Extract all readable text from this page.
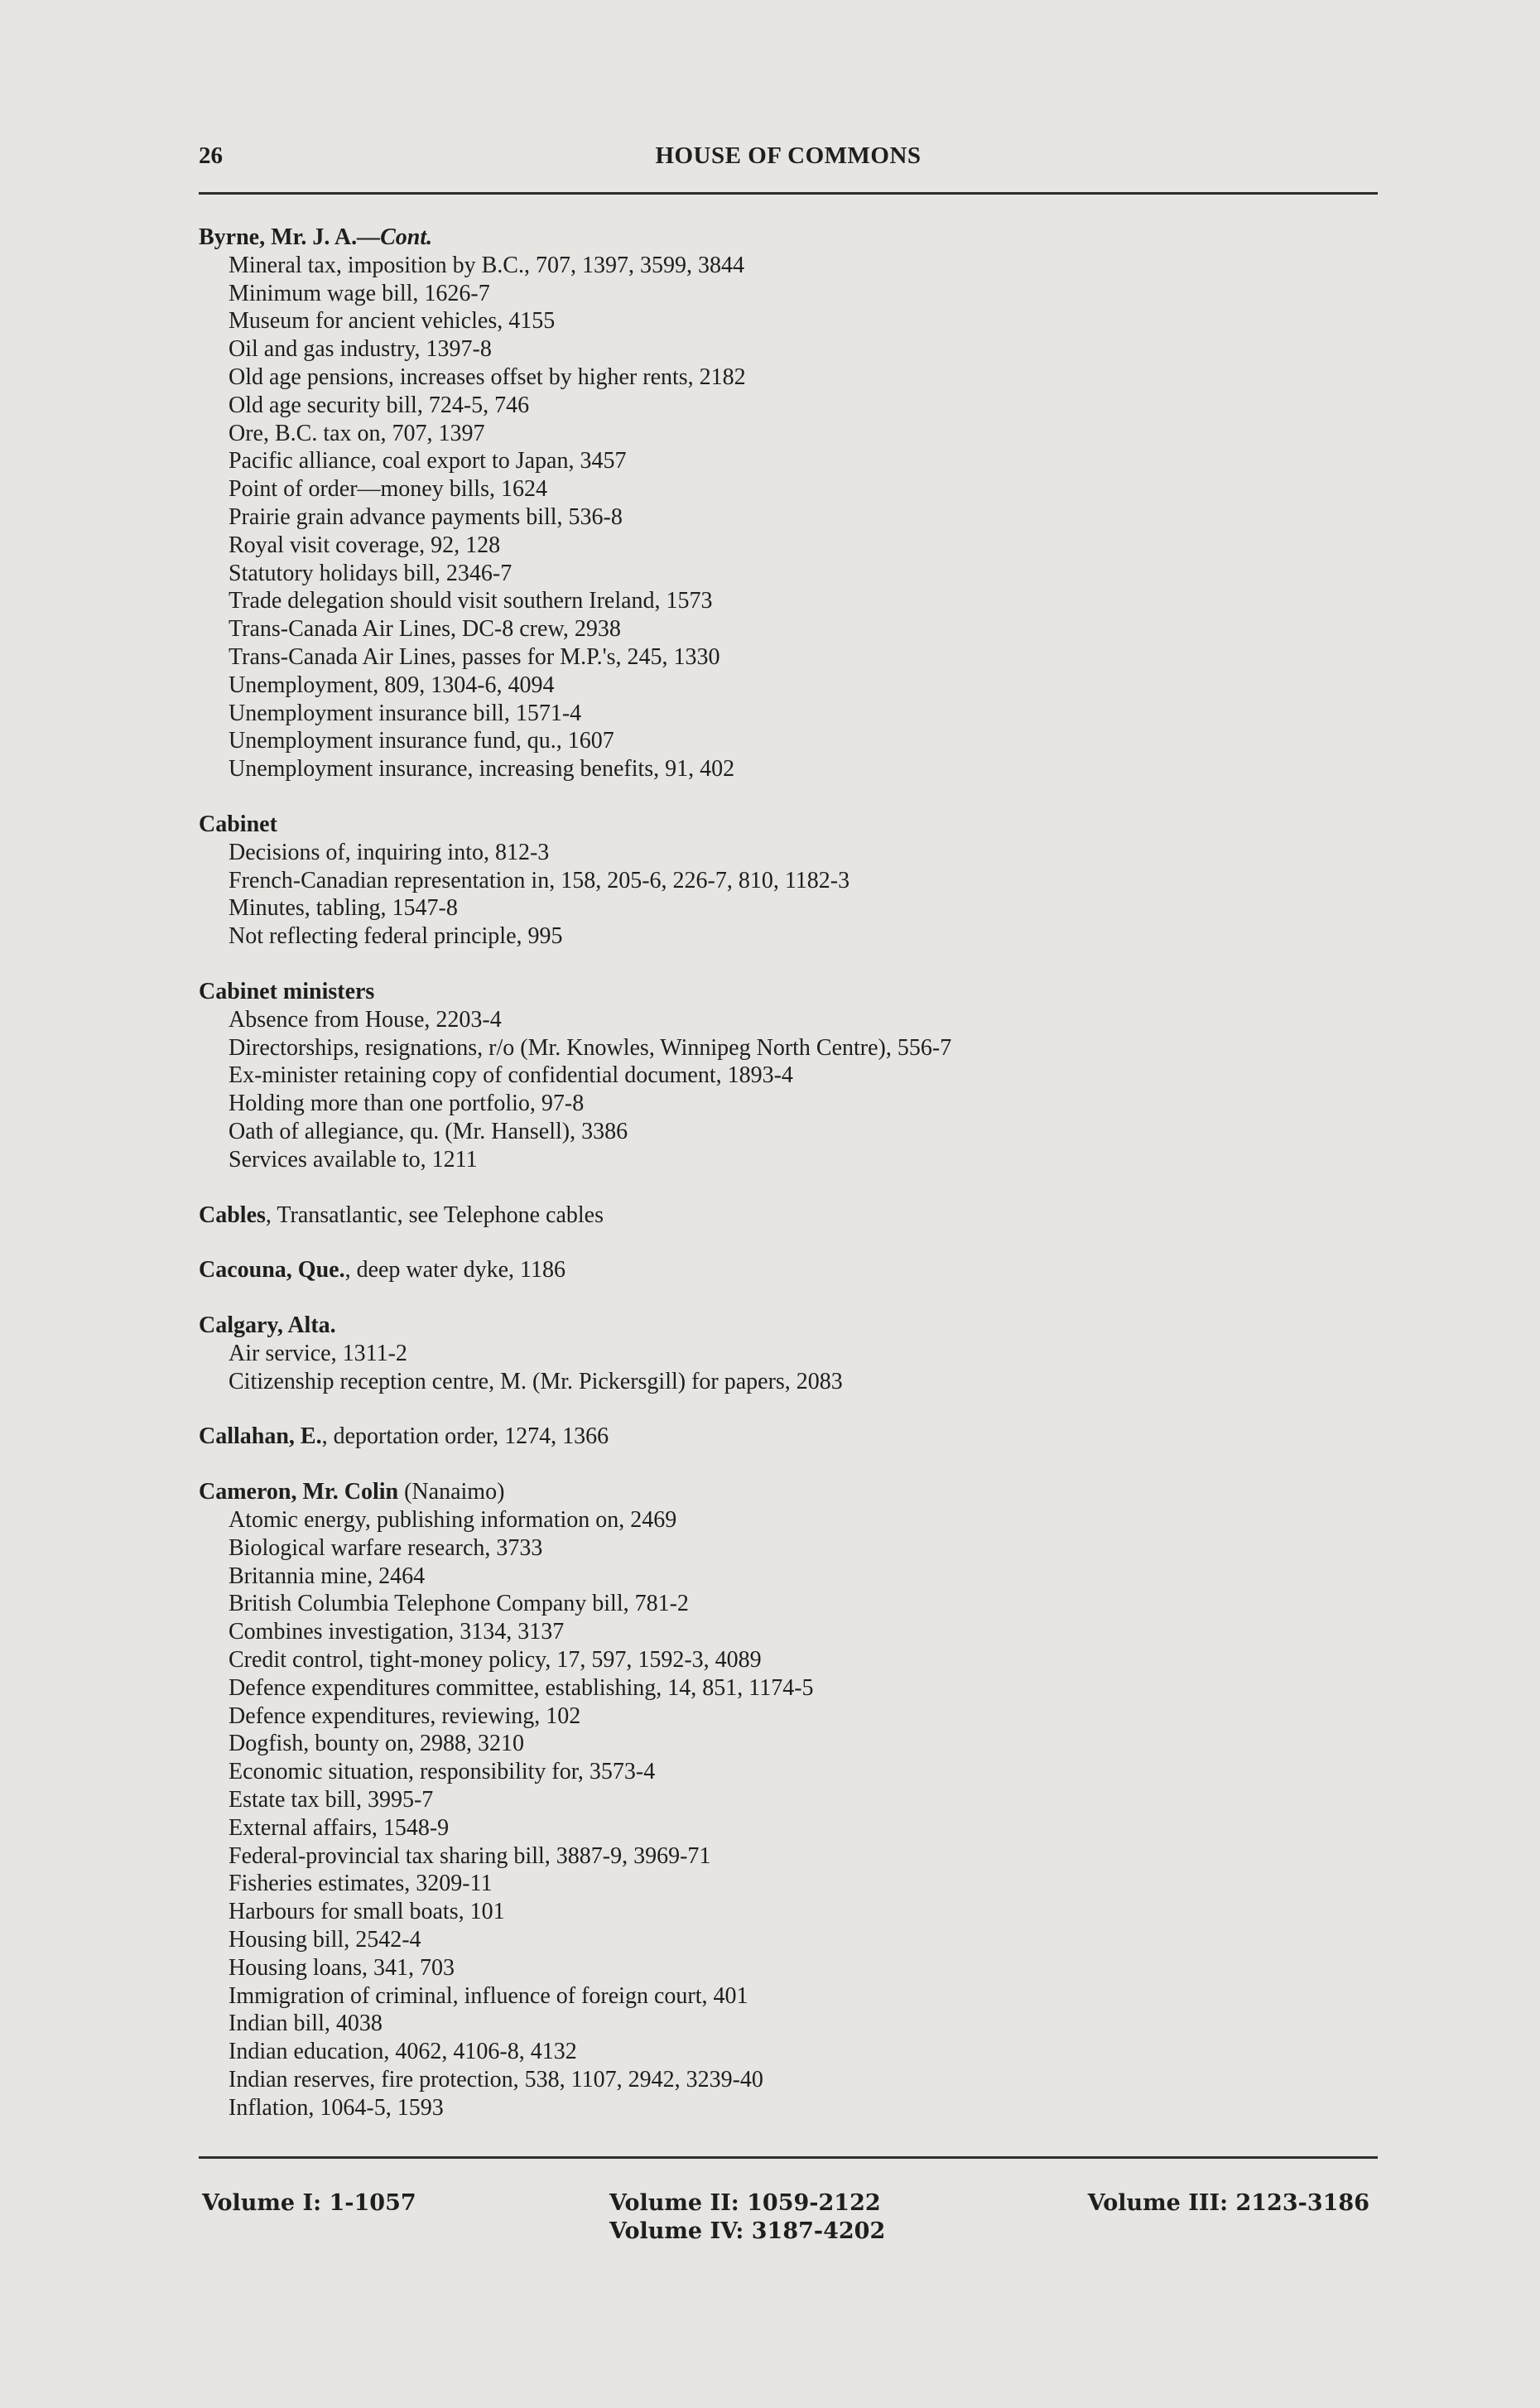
26	HOUSE OF COMMONS
Byrne, Mr. J. A.—Cont.
Mineral tax, imposition by B.C., 707, 1397, 3599, 3844
Minimum wage bill, 1626-7
Museum for ancient vehicles, 4155
Oil and gas industry, 1397-8
Old age pensions, increases offset by higher rents, 2182
Old age security bill, 724-5, 746
Ore, B.C. tax on, 707, 1397
Pacific alliance, coal export to Japan, 3457
Point of order—money bills, 1624
Prairie grain advance payments bill, 536-8
Royal visit coverage, 92, 128
Statutory holidays bill, 2346-7
Trade delegation should visit southern Ireland, 1573
Trans-Canada Air Lines, DC-8 crew, 2938
Trans-Canada Air Lines, passes for M.P.'s, 245, 1330
Unemployment, 809, 1304-6, 4094
Unemployment insurance bill, 1571-4
Unemployment insurance fund, qu., 1607
Unemployment insurance, increasing benefits, 91, 402
Cabinet
Decisions of, inquiring into, 812-3
French-Canadian representation in, 158, 205-6, 226-7, 810, 1182-3
Minutes, tabling, 1547-8
Not reflecting federal principle, 995
Cabinet ministers
Absence from House, 2203-4
Directorships, resignations, r/o (Mr. Knowles, Winnipeg North Centre), 556-7
Ex-minister retaining copy of confidential document, 1893-4
Holding more than one portfolio, 97-8
Oath of allegiance, qu. (Mr. Hansell), 3386
Services available to, 1211
Cables, Transatlantic, see Telephone cables
Cacouna, Que., deep water dyke, 1186
Calgary, Alta.
Air service, 1311-2
Citizenship reception centre, M. (Mr. Pickersgill) for papers, 2083
Callahan, E., deportation order, 1274, 1366
Cameron, Mr. Colin (Nanaimo)
Atomic energy, publishing information on, 2469
Biological warfare research, 3733
Britannia mine, 2464
British Columbia Telephone Company bill, 781-2
Combines investigation, 3134, 3137
Credit control, tight-money policy, 17, 597, 1592-3, 4089
Defence expenditures committee, establishing, 14, 851, 1174-5
Defence expenditures, reviewing, 102
Dogfish, bounty on, 2988, 3210
Economic situation, responsibility for, 3573-4
Estate tax bill, 3995-7
External affairs, 1548-9
Federal-provincial tax sharing bill, 3887-9, 3969-71
Fisheries estimates, 3209-11
Harbours for small boats, 101
Housing bill, 2542-4
Housing loans, 341, 703
Immigration of criminal, influence of foreign court, 401
Indian bill, 4038
Indian education, 4062, 4106-8, 4132
Indian reserves, fire protection, 538, 1107, 2942, 3239-40
Inflation, 1064-5, 1593
Volume I: 1-1057	Volume II: 1059-2122
Volume IV: 3187-4202
Volume III: 2123-3186
